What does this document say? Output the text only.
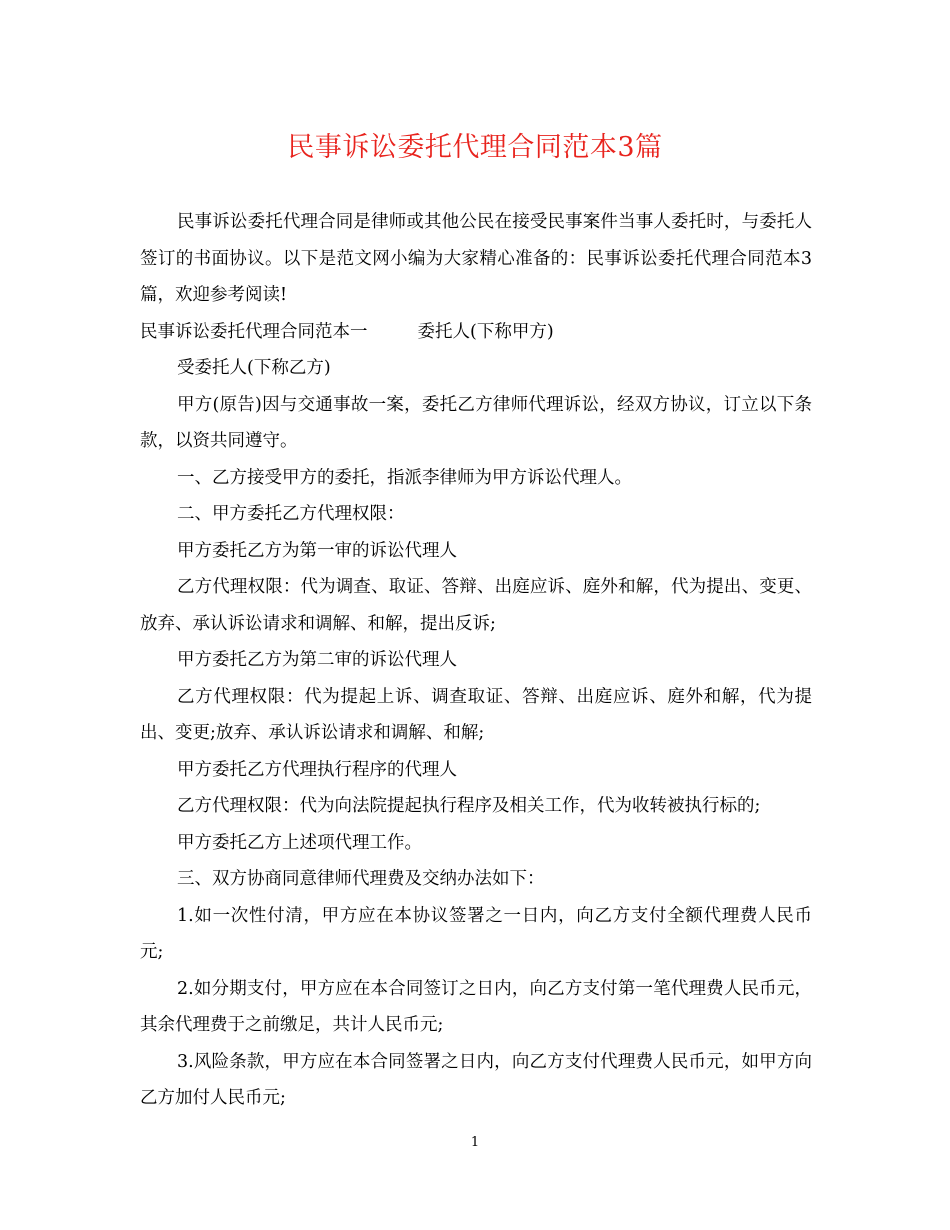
民事诉讼委托代理合同范本3篇

民事诉讼委托代理合同是律师或其他公民在接受民事案件当事人委托时，与委托人签订的书面协议。以下是范文网小编为大家精心准备的：民事诉讼委托代理合同范本3篇，欢迎参考阅读!

民事诉讼委托代理合同范本一	委托人(下称甲方)

受委托人(下称乙方)

甲方(原告)因与交通事故一案，委托乙方律师代理诉讼，经双方协议，订立以下条款，以资共同遵守。

一、乙方接受甲方的委托，指派李律师为甲方诉讼代理人。

二、甲方委托乙方代理权限：

甲方委托乙方为第一审的诉讼代理人

乙方代理权限：代为调查、取证、答辩、出庭应诉、庭外和解，代为提出、变更、放弃、承认诉讼请求和调解、和解，提出反诉;

甲方委托乙方为第二审的诉讼代理人

乙方代理权限：代为提起上诉、调查取证、答辩、出庭应诉、庭外和解，代为提出、变更;放弃、承认诉讼请求和调解、和解;

甲方委托乙方代理执行程序的代理人

乙方代理权限：代为向法院提起执行程序及相关工作，代为收转被执行标的;

甲方委托乙方上述项代理工作。

三、双方协商同意律师代理费及交纳办法如下：

1.如一次性付清，甲方应在本协议签署之一日内，向乙方支付全额代理费人民币元;

2.如分期支付，甲方应在本合同签订之日内，向乙方支付第一笔代理费人民币元，其余代理费于之前缴足，共计人民币元;

3.风险条款，甲方应在本合同签署之日内，向乙方支付代理费人民币元，如甲方向乙方加付人民币元;

1
